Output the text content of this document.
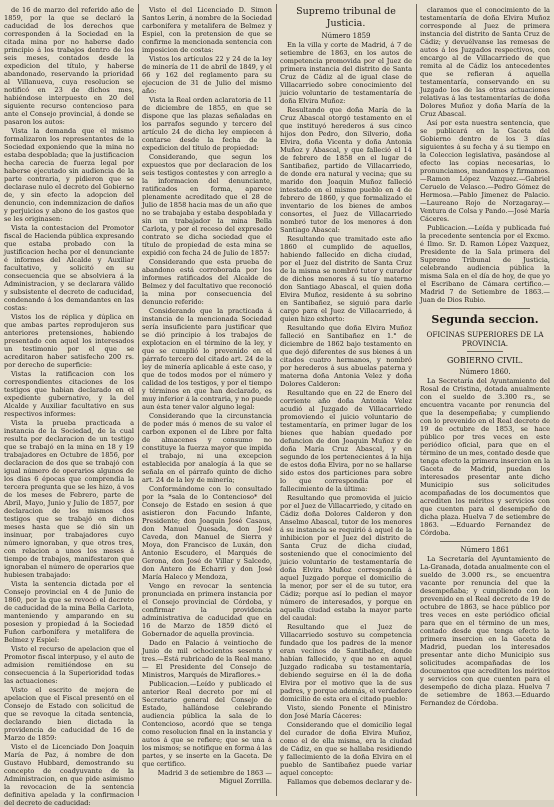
de 16 de marzo del referido año de 1859, por la que se declaró la caducidad de los derechos que corresponden á la Sociedad en la citada mina por no haberse dado principio á los trabajos dentro de los seis meses, contados desde la expedicion del título, y haberse abandonado, reservando la prioridad al Villanueva, cuya resolucion se notificó en 23 de dichos mes, habiéndose interpuesto en 20 del siguiente recurso contencioso para ante el Consejo provincial, á donde se pasaron los autos:

Vista la demanda que el mismo formalizaron los representantes de la Sociedad exponiendo que la mina no estaba despoblada; que la justificacion hecha carecia de fuerza legal por haberse ejecutado sin audiencia de la parte contraria, y pidieron que se declarase nulo el decreto del Gobierno de, y sin efecto la adopcion del denuncio, con indemnizacion de daños y perjuicios y abono de los gastos que se les originasen:

Vista la contestacion del Promotor fiscal de Hacienda pública expresando que estaba probado con la justificacion hecha por el denunciante é informes del Alcalde y Auxiliar facultativo, y solicitó en su consecuencia que se absolviera á la Administracion, y se declarara válido y subsistente el decreto de caducidad, condenando á los demandantes en las costas:

Vistos los de réplica y dúplica en que ambas partes reprodujeron sus anteriores pretensiones, habiendo presentado con aquel los interesados un testimonio por el que se acreditaron haber satisfecho 200 rs. por derecho de superficie:

Vistas la ratificacion con los correspondientes citaciones de los testigos que habian declarado en el expediente gubernativo, y la del Alcalde y Auxiliar facultativo en sus respectivos informes:

Vista la prueba practicada a instancia de la Sociedad, de la cual resulta por declaracion de un testigo que se trabajó en la mina en 18 y 19 trabajadores en Octubre de 1856, por declaracion de dos que se trabajó con igual número de operarios algunos de los dias 6 épocas que comprendia la tercera pregunta que se les hizo, á vos de los meses de Febrero, parte de Abril, Mayo, Junio y Julio de 1857, por declaracion de los mismos dos testigos que se trabajó en dichos meses hasta que se dió sin un insinuar, por trabajadores cuyo número ignoraban, y que otros tres, con relacion a unos los meses á tiempo de trabajos, manifestaron que ignoraban el número de operarios que hubiesen trabajado:

Vista la sentencia dictada por el Consejo provincial en 4 de Junio de 1860, por la que se revocó el decreto de caducidad de la mina Bella Carlota, manteniendo y amparando en su posesion y propiedad á la Sociedad Fuñon carbonifera y metalifera de Belmez y Espiel:

Visto el recurso de apelacion que el Promotor fiscal interpuso, y el auto de admision remitiéndose en su consecuencia á la Superioridad todas las actuaciones:

Visto el escrito de mejora de apelacion que el Fiscal presentó en el Consejo de Estado con solicitud de que se revoque la citada sentencia, declarando bien dictada la providencia de caducidad de 16 de Marzo de 1859:

Visto el de Licenciado Don Joaquin María de Paz, á nombre de don Gustavo Hubbard, demostrando su concepto de coadyuvante de la Administracion, en que pide asimismo la revocacion de la sentencia definitiva apelada y la confirmacion del decreto de caducidad:

Visto el del Licenciado D. Simon Santos Lerin, á nombre de la Sociedad carbonifera y metalifera de Belmez y Espiel, con la pretension de que se confirme la mencionada sentencia con imposicion de costas:

Vistos los artículos 22 y 24 de la ley de minería de 11 de abril de 1849, y el 66 y 162 del reglamento para su ejecucion de 31 de Julio del mismo año:

Vista la Real orden aclaratoria de 11 de diciembre de 1855, en que se dispone que las plazas señaladas en los parrafos segundo y tercero del artículo 24 de dicha ley empiecen á contarse desde la fecha de la expedicion del título de propiedad:

Considerando, que segun los expuestos que por declaracion de los seis testigos contestes y con arreglo a la informacion del denunciante, ratificados en forma, aparece plenamente acreditado que el 28 de Julio de 1858 hacia mas de un año que no se trabajaba y estaba despoblada y sin un trabajador la mina Bella Carlota, y por el receso del expresado contrato se dicha sociedad que el título de propiedad de esta mina se expidió con fecha 24 de Julio de 1857:

Considerando que esta prueba de abandono está corroborada por los informes ratificados del Alcalde de Belmez y del facultativo que reconoció la mina por consecuencia del denuncio referido:

Considerando que la practicada á instancia de la mencionada Sociedad sería insuficiente para justificar que se dió principio á los trabajos de explotacion en el término de la ley, y que se cumplió lo prevenido en el párrafo tercero del citado art. 24 de la ley de minería aplicable á este caso, y que de todos modos por el número y calidad de los testigos, y por el tiempo y términos en que han declarado, es muy inferior á la contraria, y no puede aun ésta tener valor alguno legal:

Considerando que la circunstancia de poder más ó menos de su valor el carbon exponen el de Libre por falta de almacenes y consumo no constituye la fuerza mayor que impida el trabajo, ni una excepcion establecida por analogía á la que se señala en el párrafo quinto de dicho art. 24 de la ley de minería;

Conformándome con lo consultado por la *sala de lo Contencioso* del Consejo de Estado en sesion á que asistieron don Facundo Infante, Presidente; don Joaquin José Casaus, don Manuel Quesada, don José Caveda, don Manuel de Sierra y Moya, don Francisco de Luxán, don Antonio Escudero, el Marqués de Gerona, don José de Villar y Salcedo, don Antero de Echarri y don José María Haleco y Mendoza,

Vengo en revocar la sentencia pronunciada en primera instancia por el Consejo provincial de Córdoba, y confirmar la providencia administrativa de caducidad que en 16 de Marzo de 1859 dictó el Gobernador de aquella provincia.

Dado en Palacio á veintiocho de Junio de mil ochocientos sesenta y tres.—Está rubricado de la Real mano.— El Presidente del Consejo de Ministros, Marqués de Miraflores.»

Publicacion.—Leído y publicado el anterior Real decreto por mí el Secretario general del Consejo de Estado, hallándose celebrando audiencia pública la sala de lo Contencioso, acordó que se tenga como resolucion final en la instancia y autos á que se refiere; que se una á los mismos; se notifique en forma á las partes, y se inserte en la Gaceta. De que certifico.

Madrid 3 de setiembre de 1863 — Miguel Zorrilla.

Supremo tribunal de Justicia.
Número 1859

En la villa y corte de Madrid, á 7 de setiembre de 1863, en los autos de competencia promovida por el Juez de primera instancia del distrito de Santa Cruz de Cádiz al de igual clase de Villacarriedo sobre conocimiento del juicio voluntario de testamentaría de doña Elvira Muñoz:

Resultando que doña María de la Cruz Abascal otorgó testamento en el que instituyó herederos á sus cinco hijos don Pedro, don Silverio, doña Elvira, doña Vicenta y doña Antonia Muñoz y Abascal, y que falleció el 14 de febrero de 1858 en el lugar de Santibañez, partido de Villacarriedo, de donde era natural y vecina; que su marido don Joaquin Muñoz falleció intestado en el mismo pueblo en 4 de febrero de 1860, y que formalizado el inventario de los bienes de ambos consortes, el Juez de Villacarriedo nombró tutor de los menores á don Santiago Abascal:

Resultando que tramitado este año 1860 el cumplido de aquellos, habiendo fallecido en dicha ciudad, por el Juez del distrito de Santa Cruz de la misma se nombró tutor y curador de dichos menores á su tío materno don Santiago Abascal, el quien doña Elvira Muñoz, residente á su sobrino en Santibañez, se siguió para darle cargo para el Juez de Villacarriedo, á quien hizo exhorto:

Resultando que doña Elvira Muñoz falleció en Santibañez en 1.° de diciembre de 1862 bajo testamento en que dejó diferentes de sus bienes á un citados cuatro hermanos, y nombró por herederos á sus abuelas paterna y materna doña Antonia Velez y doña Dolores Calderon:

Resultando que en 22 de Enero del corriente año doña Antonia Velez acudió al Juzgado de Villacarriedo promoviendo el juicio voluntario de testamentaría, en primer lugar de los bienes que habían quedado por defuncion de don Joaquin Muñoz y de doña María Cruz Abascal, y en segundo de los pertenecientes á la hija de estos doña Elvira, por no se hallarse sido estos dos particiones para sobre lo que correspondia por el fallecimiento de la última:

Resultando que promovida el juicio por el Juez de Villacarriedo, y citado en Cádiz doña Dolores Calderon y don Anselmo Abascal, tutor de los menores á su instancia se requirió á aquel de la inhibicion por el Juez del distrito de Santa Cruz de dicha ciudad, sosteniendo que el conocimiento del juicio voluntario de testamentaría de doña Elvira Muñoz correspondía á aquel Juzgado porque el domicilio de la menor, por ser el de su tutor, era Cádiz; porque así lo pedian el mayor número de interesados, y porque en aquella ciudad estaba la mayor parte del caudal:

Resultando que el Juez de Villacarriedo sostuvo su competencia fundado que los padres de la menor eran vecinos de Santibañez, donde habían fallecido, y que no en aquel Juzgado radicaba su testamentaría, debiendo seguirse en él la de doña Elvira por el motivo que la de sus padres, y porque además, el verdadero domicilio de esta era el citado pueblo:

Visto, siendo Ponente el Ministro don José María Cáceres:

Considerando que el domicilio legal del curador de doña Elvira Muñoz, como el de ella misma, era la ciudad de Cádiz, en que se hallaba residiendo y fallecimiento de la doña Elvira en el pueblo de Santibañez puede variar aquel concepto:

Fallamos que debemos declarar y de-

claramos que el conocimiento de la testamentaría de doña Elvira Muñoz corresponde al Juez de primera instancia del distrito de Santa Cruz de Cádiz; y devuélvanse las remesas de autos á los Juzgados respectivos, con encargo al de Villacarriedo de que remita al de Cádiz los antecedentes que se refieran á aquella testamentaría, conservando en su Juzgado los de las otras actuaciones relativas á las testamentarías de doña Dolores Muñoz y doña María de la Cruz Abascal.

Así por esta nuestra sentencia, que se publicará en la Gaceta del Gobierno dentro de los 3 días siguientes á su fecha y á su tiempo en la Coleccion legislativa, pasándose al efecto las copias necesarias, lo pronunciamos, mandamos y firmamos.—Ramon López Vazquez.—Gabriel Ceruelo de Velasco.—Pedro Gómez de Hermosa.—Pablo Jimenez de Palacio.—Laureano Rojo de Norzagaray.—Ventura de Colsa y Pando.—José María Cáceres.

Publicacion.—Leída y publicada fué la precedente sentencia por el Excmo. é Ilmo. Sr. D. Ramon López Vazquez, Presidente de la Sala primera del Supremo Tribunal de Justicia, celebrando audiencia pública la misma Sala en el día de hoy, de que yo el Escribano de Cámara certifico.—Madrid 7 de Setiembre de 1863.—Juan de Dios Rubio.

Segunda seccion.
OFICINAS SUPERIORES DE LA PROVINCIA.
GOBIERNO CIVIL.
Número 1860.

La Secretaría del Ayuntamiento del Rosal de Cristina, dotada anualmente con el sueldo de 3.300 rs., se encuentra vacante por renuncia del que la desempeñaba; y cumpliendo con lo prevenido en el Real decreto de 19 de octubre de 1853, se hace público por tres veces en este periódico oficial, para que en el término de un mes, contado desde que tenga efecto la primera insercion en la Gaceta de Madrid, puedan los interesados presentar ante dicho Municipio sus solicitudes acompañadas de los documentos que acrediten los méritos y servicios con que cuenten para el desempeño de dicha plaza. Huelva 7 de setiembre de 1863. —Eduardo Fernandez de Córdoba.

Número 1861

La Secretaría del Ayuntamiento de La-Granada, dotada anualmente con el sueldo de 3.000 rs., se encuentra vacante por renuncia del que la desempeñaba; y cumpliendo con lo prevenido en el Real decreto de 19 de octubre de 1863, se hace público por tres veces en este periódico oficial para que en el término de un mes, contado desde que tenga efecto la primera insercion en la Gaceta de Madrid, puedan los interesados presentar ante dicho Municipio sus solicitudes acompañadas de los documentos que acrediten los méritos y servicios con que cuenten para el desempeño de dicha plaza. Huelva 7 de setiembre de 1863.—Eduardo Fernandez de Córdoba.
